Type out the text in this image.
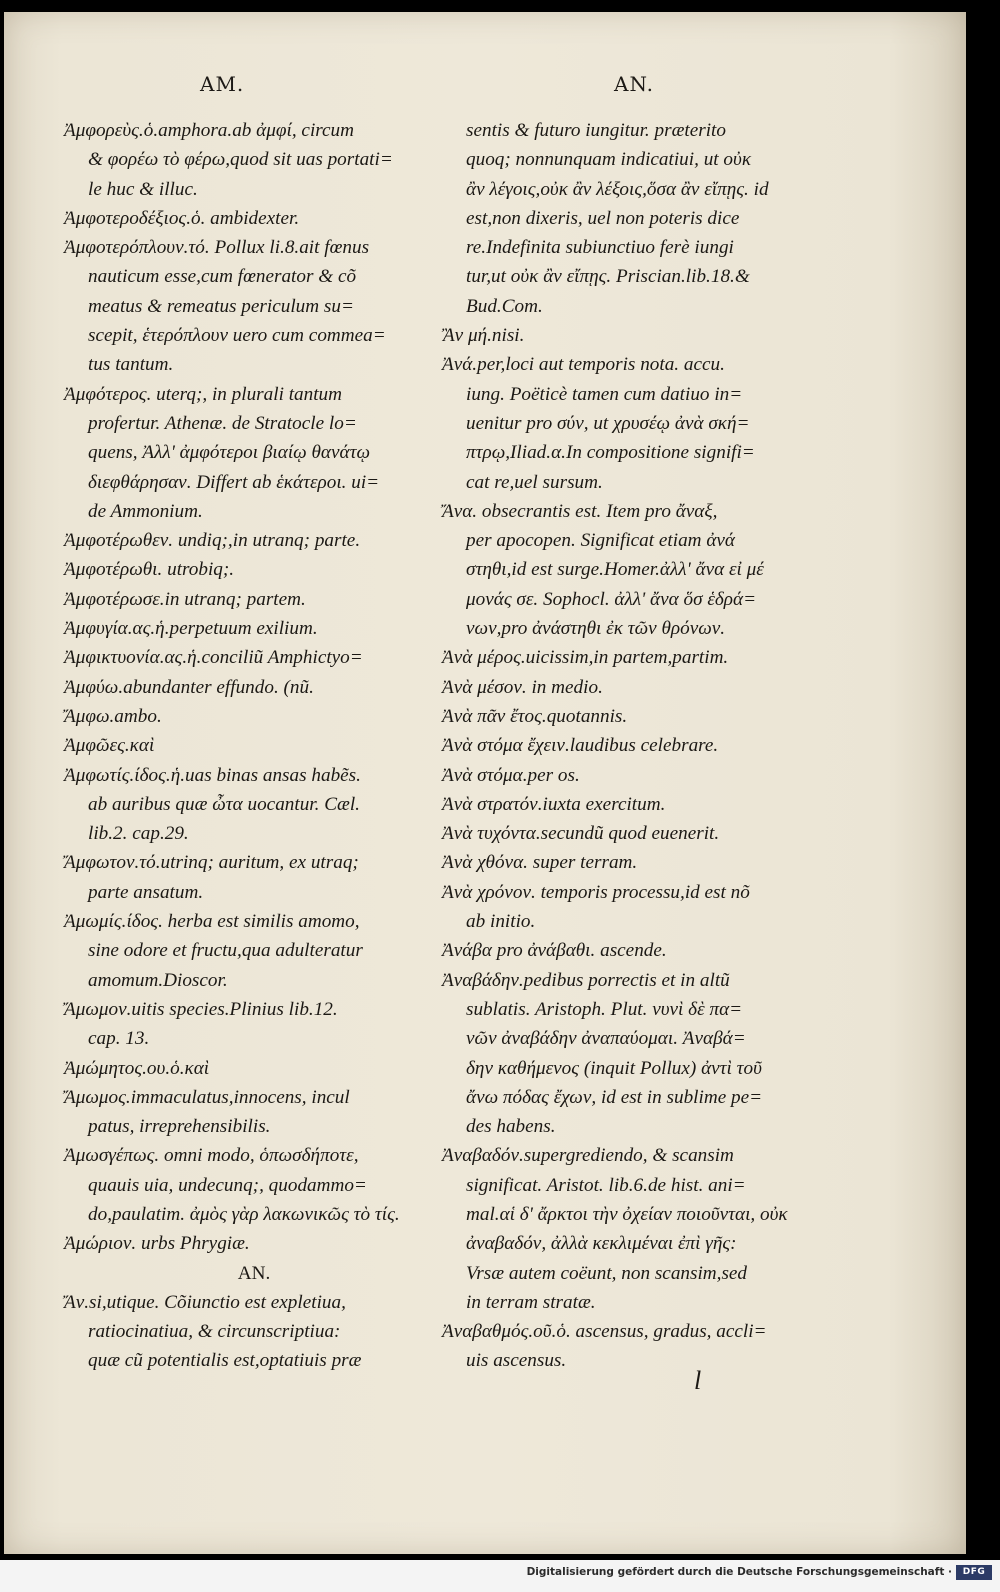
AM.	AN.
Ἀμφορεὺς.ὁ.amphora.ab ἀμφί, circum
& φορέω τὸ φέρω,quod sit uas portati=
le huc & illuc.
Ἀμφοτεροδέξιος.ὁ. ambidexter.
Ἀμφοτερόπλουν.τό. Pollux li.8.ait fœnus
nauticum esse,cum fœnerator & cõ
meatus & remeatus periculum su=
scepit, ἑτερόπλουν uero cum commea=
tus tantum.
Ἀμφότερος. uterq;, in plurali tantum
profertur. Athenæ. de Stratocle lo=
quens, Ἀλλ' ἀμφότεροι βιαίῳ θανάτῳ
διεφθάρησαν. Differt ab ἑκάτεροι. ui=
de Ammonium.
Ἀμφοτέρωθεν. undiq;,in utranq; parte.
Ἀμφοτέρωθι. utrobiq;.
Ἀμφοτέρωσε.in utranq; partem.
Ἀμφυγία.ας.ἡ.perpetuum exilium.
Ἀμφικτυονία.ας.ἡ.conciliũ Amphictyo=
Ἀμφύω.abundanter effundo. (nũ.
Ἄμφω.ambo.
Ἀμφῶες.καὶ
Ἀμφωτίς.ίδος.ἡ.uas binas ansas habẽs.
ab auribus quæ ὦτα uocantur. Cæl.
lib.2. cap.29.
Ἄμφωτον.τό.utrinq; auritum, ex utraq;
parte ansatum.
Ἀμωμίς.ίδος. herba est similis amomo,
sine odore et fructu,qua adulteratur
amomum.Dioscor.
Ἄμωμον.uitis species.Plinius lib.12.
cap. 13.
Ἀμώμητος.ου.ὁ.καὶ
Ἄμωμος.immaculatus,innocens, incul
patus, irreprehensibilis.
Ἀμωσγέπως. omni modo, ὁπωσδήποτε,
quauis uia, undecunq;, quodammo=
do,paulatim. ἀμὸς γὰρ λακωνικῶς τὸ τίς.
Ἀμώριον. urbs Phrygiæ.
AN.
Ἄν.si,utique. Cõiunctio est expletiua,
ratiocinatiua, & circunscriptiua:
quæ cũ potentialis est,optatiuis præ
sentis & futuro iungitur. præterito
quoq; nonnunquam indicatiui, ut οὐκ
ἂν λέγοις,οὐκ ἂν λέξοις,ὅσα ἂν εἴπῃς. id
est,non dixeris, uel non poteris dice
re.Indefinita subiunctiuo ferè iungi
tur,ut οὐκ ἂν εἴπῃς. Priscian.lib.18.&
Bud.Com.
Ἂν μή.nisi.
Ἀνά.per,loci aut temporis nota. accu.
iung. Poëticè tamen cum datiuo in=
uenitur pro σύν, ut χρυσέῳ ἀνὰ σκή=
πτρῳ,Iliad.α.In compositione signifi=
cat re,uel sursum.
Ἄνα. obsecrantis est. Item pro ἄναξ,
per apocopen. Significat etiam ἀνά
στηθι,id est surge.Homer.ἀλλ' ἄνα εἰ μέ
μονάς σε. Sophocl. ἀλλ' ἄνα ὅσ ἑδρά=
νων,pro ἀνάστηθι ἐκ τῶν θρόνων.
Ἀνὰ μέρος.uicissim,in partem,partim.
Ἀνὰ μέσον. in medio.
Ἀνὰ πᾶν ἔτος.quotannis.
Ἀνὰ στόμα ἔχειν.laudibus celebrare.
Ἀνὰ στόμα.per os.
Ἀνὰ στρατόν.iuxta exercitum.
Ἀνὰ τυχόντα.secundũ quod euenerit.
Ἀνὰ χθόνα. super terram.
Ἀνὰ χρόνον. temporis processu,id est nõ
ab initio.
Ἀνάβα pro ἀνάβαθι. ascende.
Ἀναβάδην.pedibus porrectis et in altũ
sublatis. Aristoph. Plut. νυνὶ δὲ πα=
νῶν ἀναβάδην ἀναπαύομαι. Ἀναβά=
δην καθήμενος (inquit Pollux) ἀντὶ τοῦ
ἄνω πόδας ἔχων, id est in sublime pe=
des habens.
Ἀναβαδόν.supergrediendo, & scansim
significat. Aristot. lib.6.de hist. ani=
mal.αἱ δ' ἄρκτοι τὴν ὀχείαν ποιοῦνται, οὐκ
ἀναβαδόν, ἀλλὰ κεκλιμέναι ἐπὶ γῆς:
Vrsæ autem coëunt, non scansim,sed
in terram stratæ.
Ἀναβαθμός.οῦ.ὁ. ascensus, gradus, accli=
uis ascensus.
l
Digitalisierung gefördert durch die Deutsche Forschungsgemeinschaft ·	DFG
